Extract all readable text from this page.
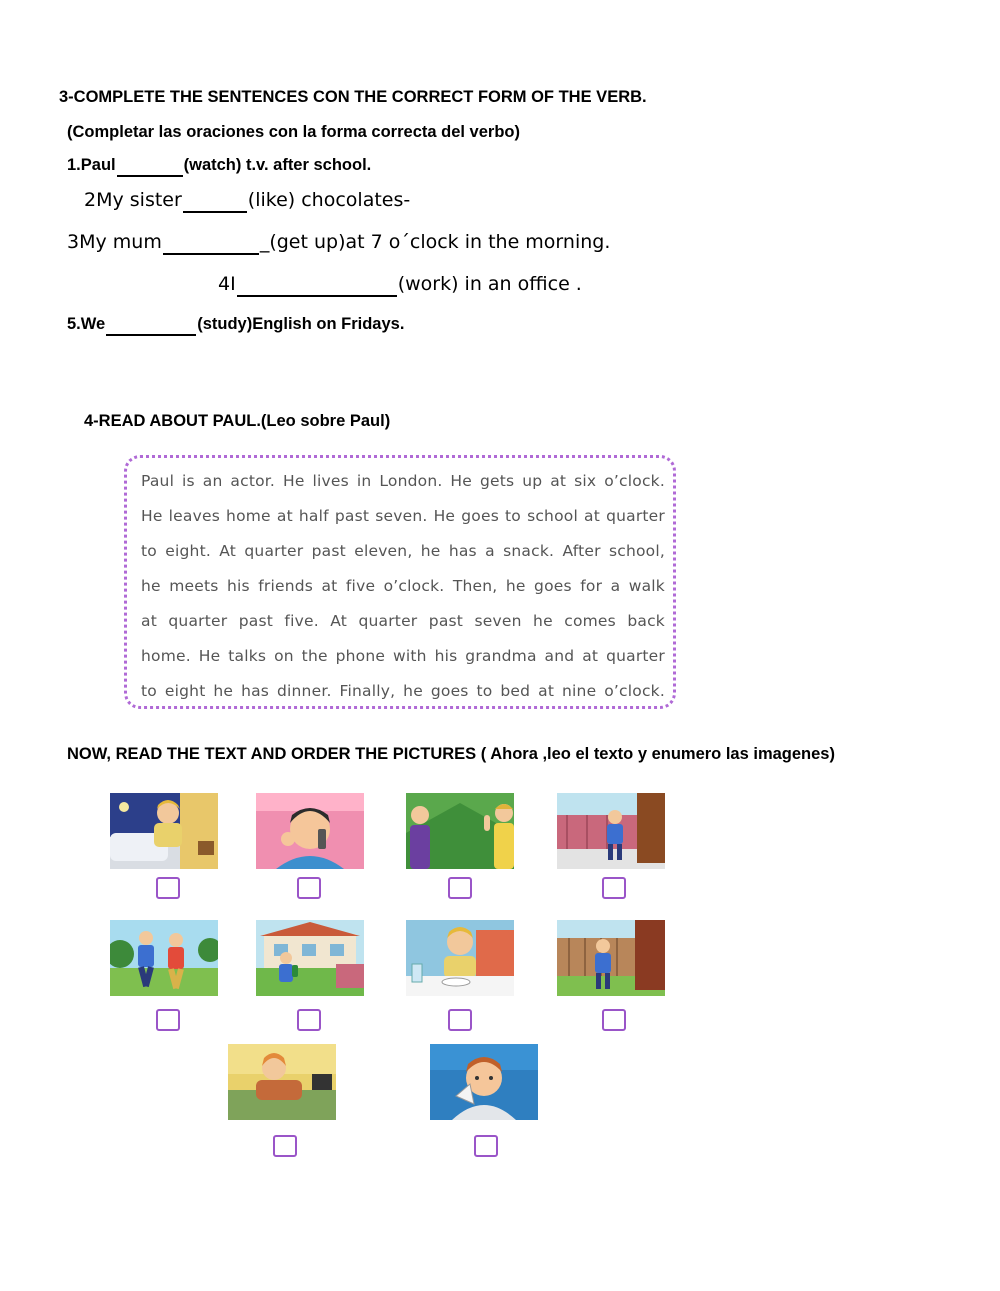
3-COMPLETE THE SENTENCES CON THE CORRECT FORM OF THE VERB.
(Completar las oraciones con la forma correcta del verbo)
1.Paul	(watch) t.v. after school.
2My sister	(like) chocolates-
3My mum	_(get up)at 7 o´clock in the morning.
4I	(work) in an office .
5.We	(study)English on Fridays.
4-READ ABOUT PAUL.(Leo sobre Paul)
Paul is an actor. He lives in London. He gets up at six o’clock.
He leaves home at half past seven. He goes to school at quarter
to eight. At quarter past eleven, he has a snack. After school,
he meets his friends at five o’clock. Then, he goes for a walk
at quarter past five. At quarter past seven he comes back
home. He talks on the phone with his grandma and at quarter
to eight he has dinner. Finally, he goes to bed at nine o’clock.
NOW, READ THE TEXT AND ORDER THE PICTURES ( Ahora ,leo el texto y enumero las imagenes)
